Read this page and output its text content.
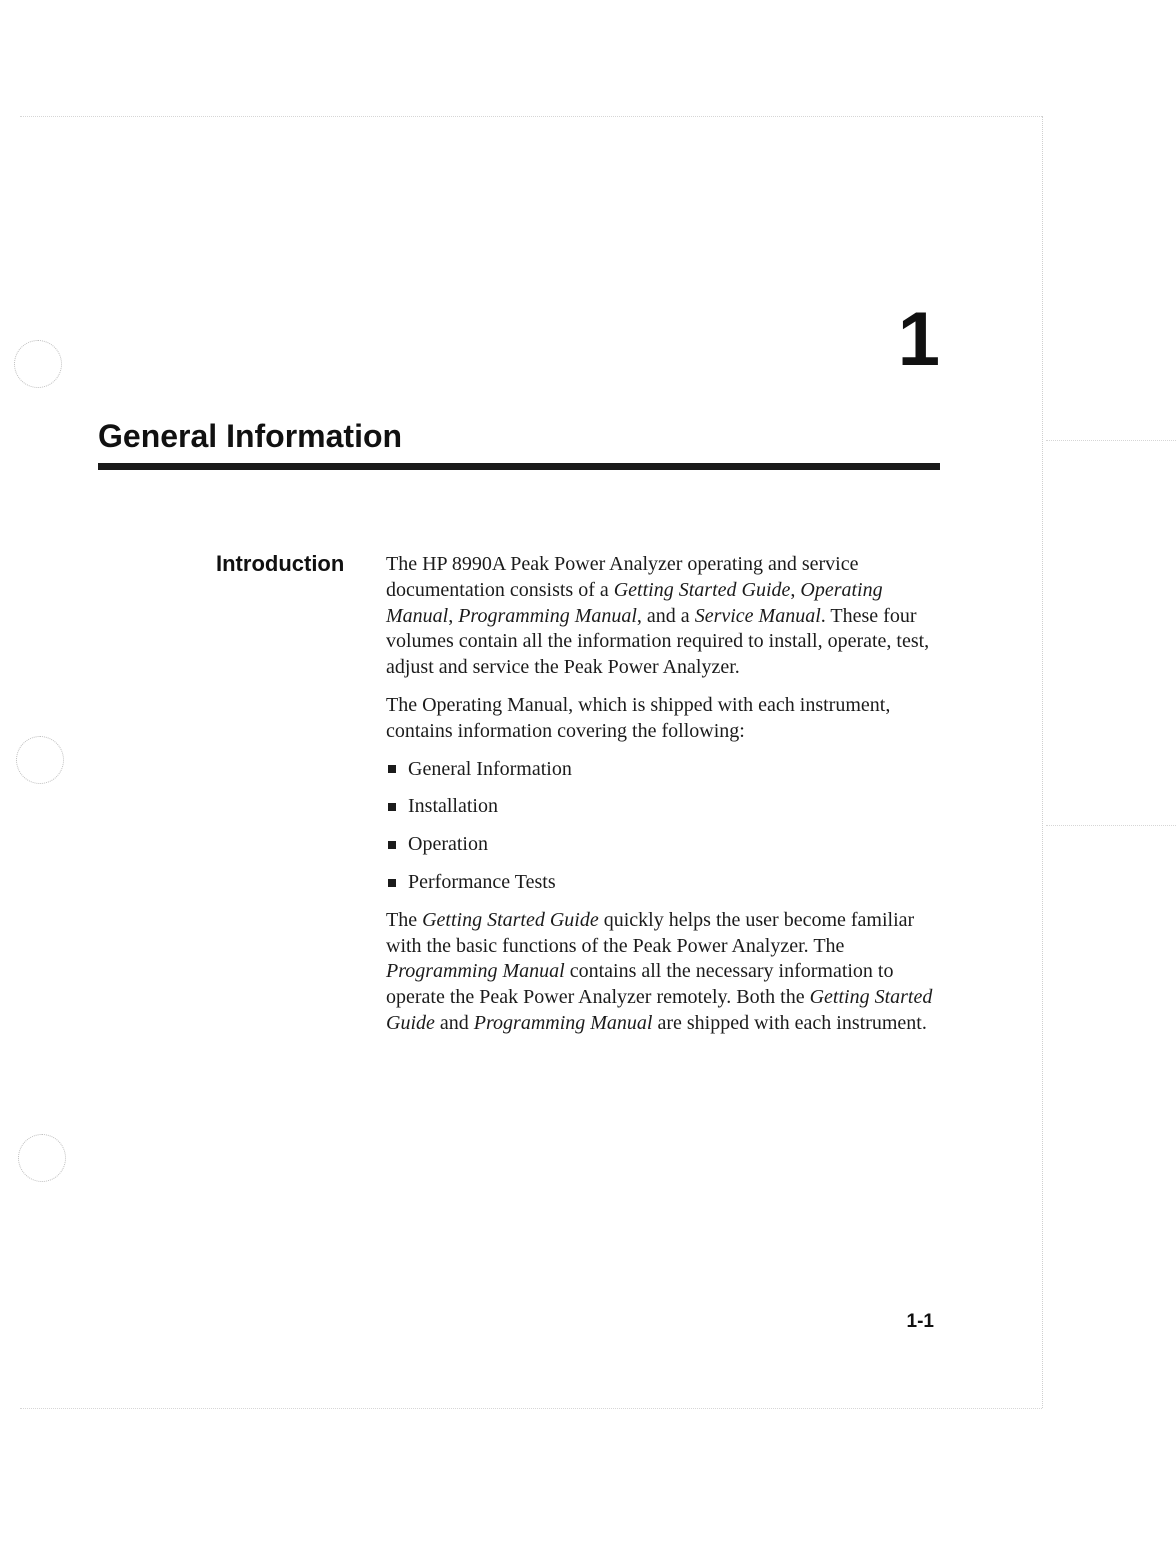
1
General Information
Introduction The HP 8990A Peak Power Analyzer operating and service documentation consists of a Getting Started Guide, Operating Manual, Programming Manual, and a Service Manual. These four volumes contain all the information required to install, operate, test, adjust and service the Peak Power Analyzer.

The Operating Manual, which is shipped with each instrument, contains information covering the following:

General Information
Installation
Operation
Performance Tests

The Getting Started Guide quickly helps the user become familiar with the basic functions of the Peak Power Analyzer. The Programming Manual contains all the necessary information to operate the Peak Power Analyzer remotely. Both the Getting Started Guide and Programming Manual are shipped with each instrument.

1-1
